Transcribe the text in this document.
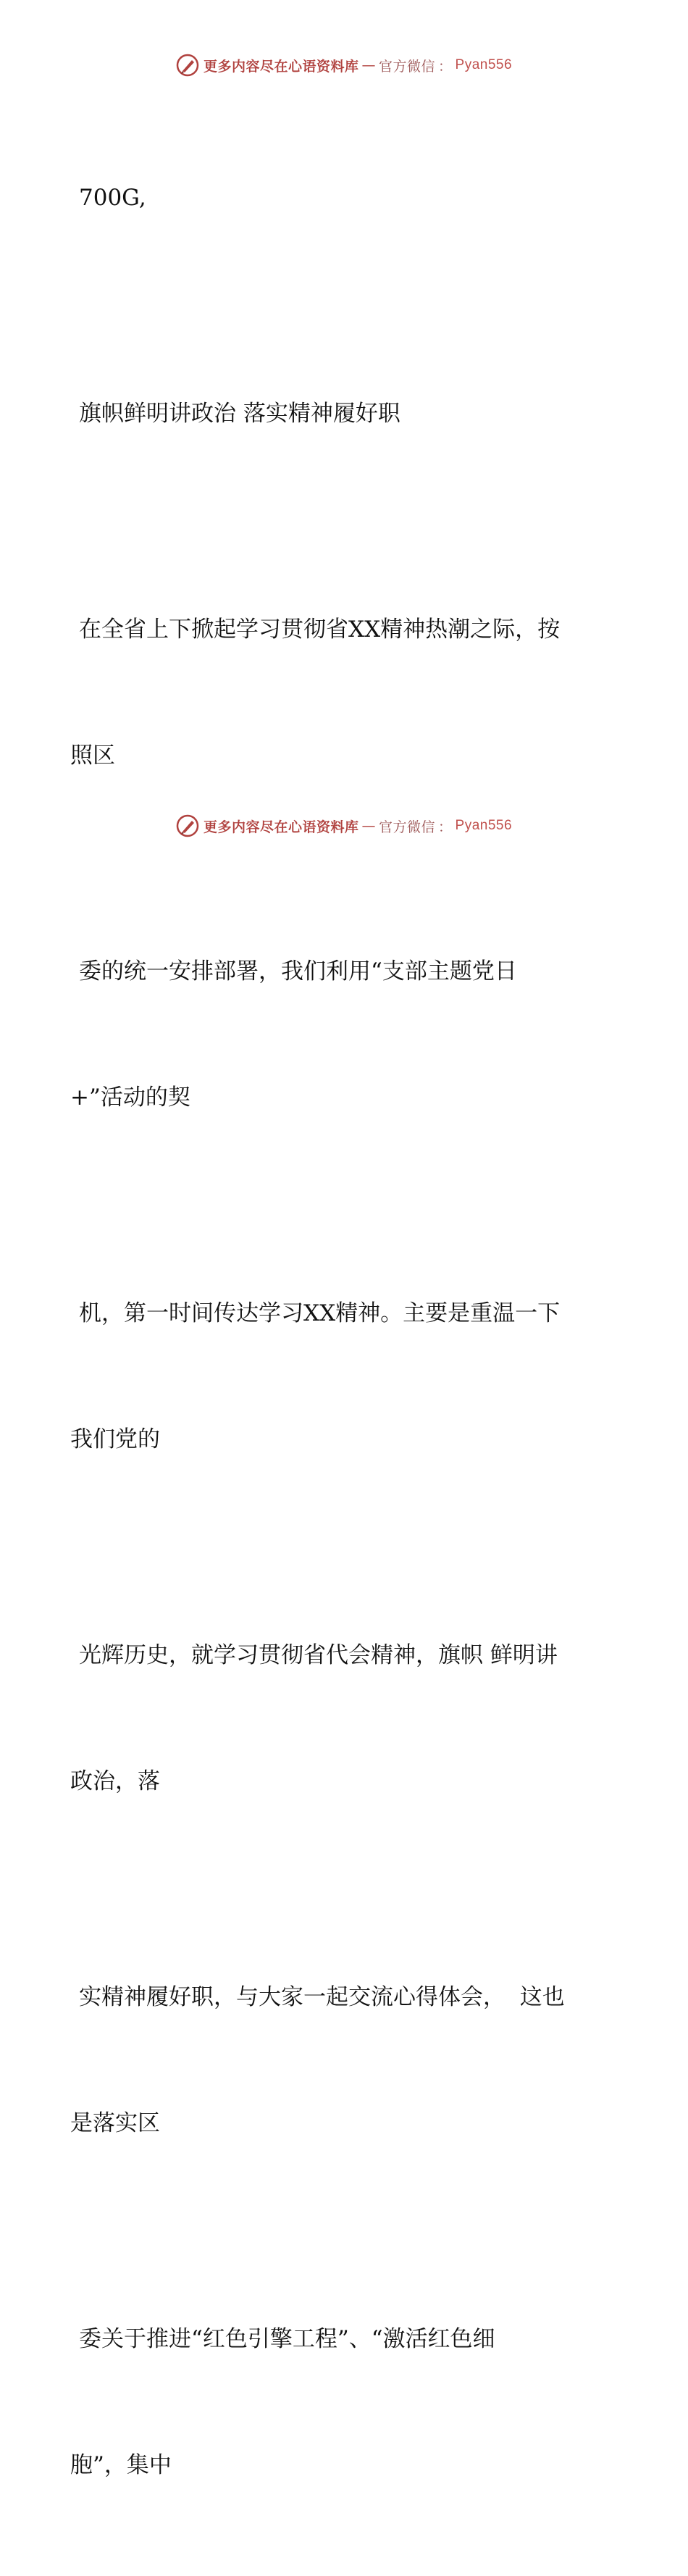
更多内容尽在心语资料库 — 官方微信 ： Pyan556

700G,

旗帜鲜明讲政治 落实精神履好职

在全省上下掀起学习贯彻省XX精神热潮之际，按

照区

委的统一安排部署，我们利用“支部主题党日

+”活动的契

机，第一时间传达学习XX精神。主要是重温一下

我们党的

光辉历史，就学习贯彻省代会精神，旗帜 鲜明讲

政治，落

实精神履好职，与大家一起交流心得体会，  这也

是落实区

委关于推进“红色引擎工程”、“激活红色细

胞”，集中

更多内容尽在心语资料库 — 官方微信 ： Pyan556
